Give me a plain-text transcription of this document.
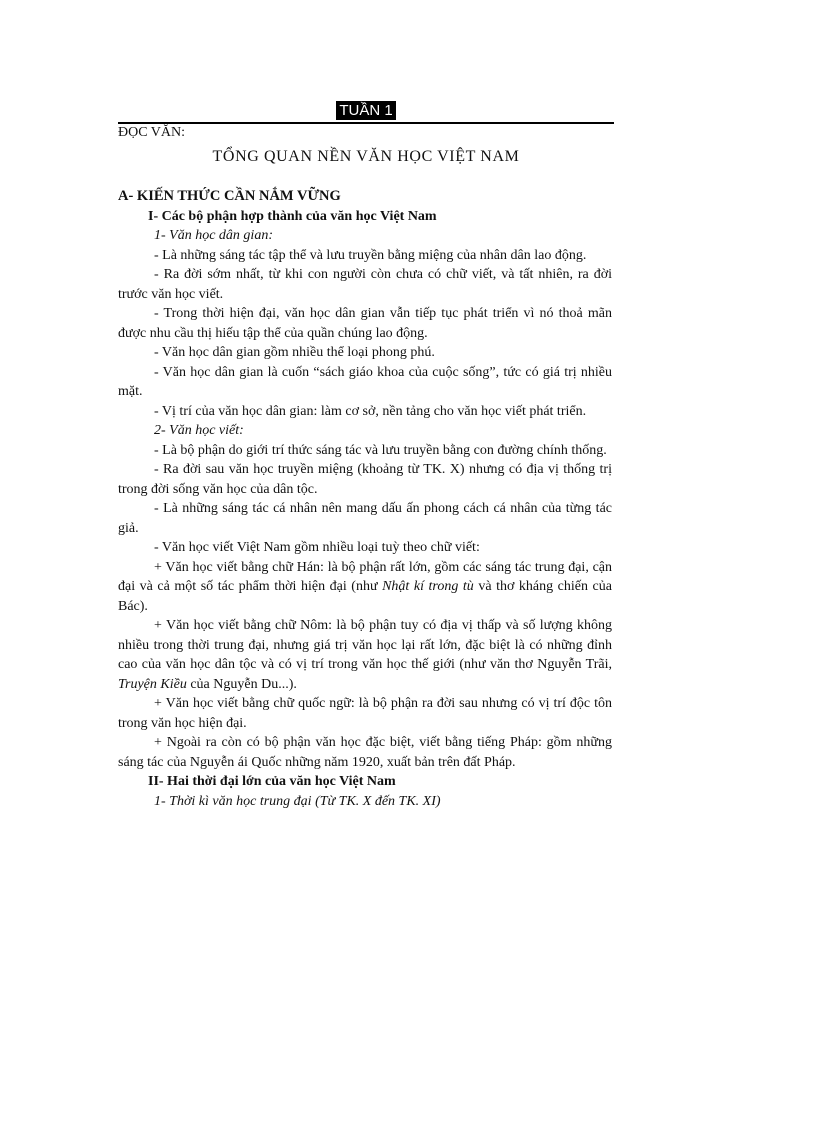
TUẦN 1
ĐỌC VĂN:
TỔNG QUAN NỀN VĂN HỌC VIỆT NAM

A- KIẾN THỨC CẦN NẮM VỮNG

I- Các bộ phận hợp thành của văn học Việt Nam

1- Văn học dân gian:

- Là những sáng tác tập thể và lưu truyền bằng miệng của nhân dân lao động.

- Ra đời sớm nhất, từ khi con người còn chưa có chữ viết, và tất nhiên, ra đời trước văn học viết.

- Trong thời hiện đại, văn học dân gian vẫn tiếp tục phát triển vì nó thoả mãn được nhu cầu thị hiếu tập thể của quần chúng lao động.

- Văn học dân gian gồm nhiều thể loại phong phú.

- Văn học dân gian là cuốn “sách giáo khoa của cuộc sống”, tức có giá trị nhiều mặt.

- Vị trí của văn học dân gian: làm cơ sở, nền tảng cho văn học viết phát triển.

2- Văn học viết:

- Là bộ phận do giới trí thức sáng tác và lưu truyền bằng con đường chính thống.

- Ra đời sau văn học truyền miệng (khoảng từ TK. X) nhưng có địa vị thống trị trong đời sống văn học của dân tộc.

- Là những sáng tác cá nhân nên mang dấu ấn phong cách cá nhân của từng tác giả.

- Văn học viết Việt Nam gồm nhiều loại tuỳ theo chữ viết:

+ Văn học viết bằng chữ Hán: là bộ phận rất lớn, gồm các sáng tác trung đại, cận đại và cả một số tác phẩm thời hiện đại (như Nhật kí trong tù và thơ kháng chiến của Bác).

+ Văn học viết bằng chữ Nôm: là bộ phận tuy có địa vị thấp và số lượng không nhiều trong thời trung đại, nhưng giá trị văn học lại rất lớn, đặc biệt là có những đỉnh cao của văn học dân tộc và có vị trí trong văn học thế giới (như văn thơ Nguyễn Trãi, Truyện Kiều của Nguyễn Du...).

+ Văn học viết bằng chữ quốc ngữ: là bộ phận ra đời sau nhưng có vị trí độc tôn trong văn học hiện đại.

+ Ngoài ra còn có bộ phận văn học đặc biệt, viết bằng tiếng Pháp: gồm những sáng tác của Nguyễn ái Quốc những năm 1920, xuất bản trên đất Pháp.

II- Hai thời đại lớn của văn học Việt Nam

1- Thời kì văn học trung đại (Từ TK. X đến TK. XI)
